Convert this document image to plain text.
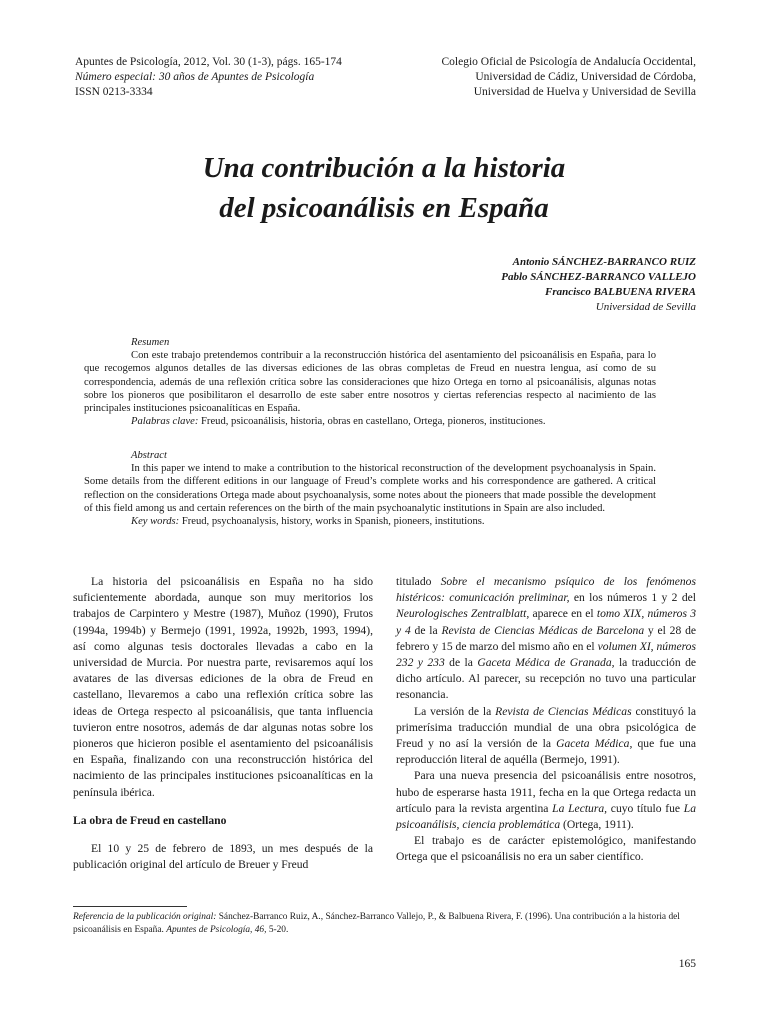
Apuntes de Psicología, 2012, Vol. 30 (1-3), págs. 165-174
Número especial: 30 años de Apuntes de Psicología
ISSN 0213-3334
Colegio Oficial de Psicología de Andalucía Occidental,
Universidad de Cádiz, Universidad de Córdoba,
Universidad de Huelva y Universidad de Sevilla
Una contribución a la historia
del psicoanálisis en España
Antonio SÁNCHEZ-BARRANCO RUIZ
Pablo SÁNCHEZ-BARRANCO VALLEJO
Francisco BALBUENA RIVERA
Universidad de Sevilla
Resumen

Con este trabajo pretendemos contribuir a la reconstrucción histórica del asentamiento del psicoanálisis en España, para lo que recogemos algunos detalles de las diversas ediciones de las obras completas de Freud en nuestra lengua, así como de su correspondencia, además de una reflexión crítica sobre las consideraciones que hizo Ortega en torno al psicoanálisis, algunas notas sobre los pioneros que posibilitaron el desarrollo de este saber entre nosotros y ciertas referencias respecto al nacimiento de las principales instituciones psicoanalíticas en España.

Palabras clave: Freud, psicoanálisis, historia, obras en castellano, Ortega, pioneros, instituciones.

Abstract

In this paper we intend to make a contribution to the historical reconstruction of the development psychoanalysis in Spain. Some details from the different editions in our language of Freud’s complete works and his correspondence are gathered. A critical reflection on the considerations Ortega made about psychoanalysis, some notes about the pioneers that made possible the development of this field among us and certain references on the birth of the main psychoanalytic institutions in Spain are also included.

Key words: Freud, psychoanalysis, history, works in Spanish, pioneers, institutions.

La historia del psicoanálisis en España no ha sido suficientemente abordada, aunque son muy meritorios los trabajos de Carpintero y Mestre (1987), Muñoz (1990), Frutos (1994a, 1994b) y Bermejo (1991, 1992a, 1992b, 1993, 1994), así como algunas tesis doctorales llevadas a cabo en la universidad de Murcia. Por nuestra parte, revisaremos aquí los avatares de las diversas ediciones de la obra de Freud en castellano, llevaremos a cabo una reflexión crítica sobre las ideas de Ortega respecto al psicoanálisis, que tanta influencia tuvieron entre nosotros, además de dar algunas notas sobre los pioneros que hicieron posible el asentamiento del psicoanálisis en España, finalizando con una reconstrucción histórica del nacimiento de las principales instituciones psicoanalíticas en la península ibérica.

La obra de Freud en castellano

El 10 y 25 de febrero de 1893, un mes después de la publicación original del artículo de Breuer y Freud

titulado Sobre el mecanismo psíquico de los fenómenos histéricos: comunicación preliminar, en los números 1 y 2 del Neurologisches Zentralblatt, aparece en el tomo XIX, números 3 y 4 de la Revista de Ciencias Médicas de Barcelona y el 28 de febrero y 15 de marzo del mismo año en el volumen XI, números 232 y 233 de la Gaceta Médica de Granada, la traducción de dicho artículo. Al parecer, su recepción no tuvo una particular resonancia.

La versión de la Revista de Ciencias Médicas constituyó la primerísima traducción mundial de una obra psicológica de Freud y no así la versión de la Gaceta Médica, que fue una reproducción literal de aquélla (Bermejo, 1991).

Para una nueva presencia del psicoanálisis entre nosotros, hubo de esperarse hasta 1911, fecha en la que Ortega redacta un artículo para la revista argentina La Lectura, cuyo título fue La psicoanálisis, ciencia problemática (Ortega, 1911).

El trabajo es de carácter epistemológico, manifestando Ortega que el psicoanálisis no era un saber científico.

Referencia de la publicación original: Sánchez-Barranco Ruiz, A., Sánchez-Barranco Vallejo, P., & Balbuena Rivera, F. (1996). Una contribución a la historia del psicoanálisis en España. Apuntes de Psicología, 46, 5-20.
165
